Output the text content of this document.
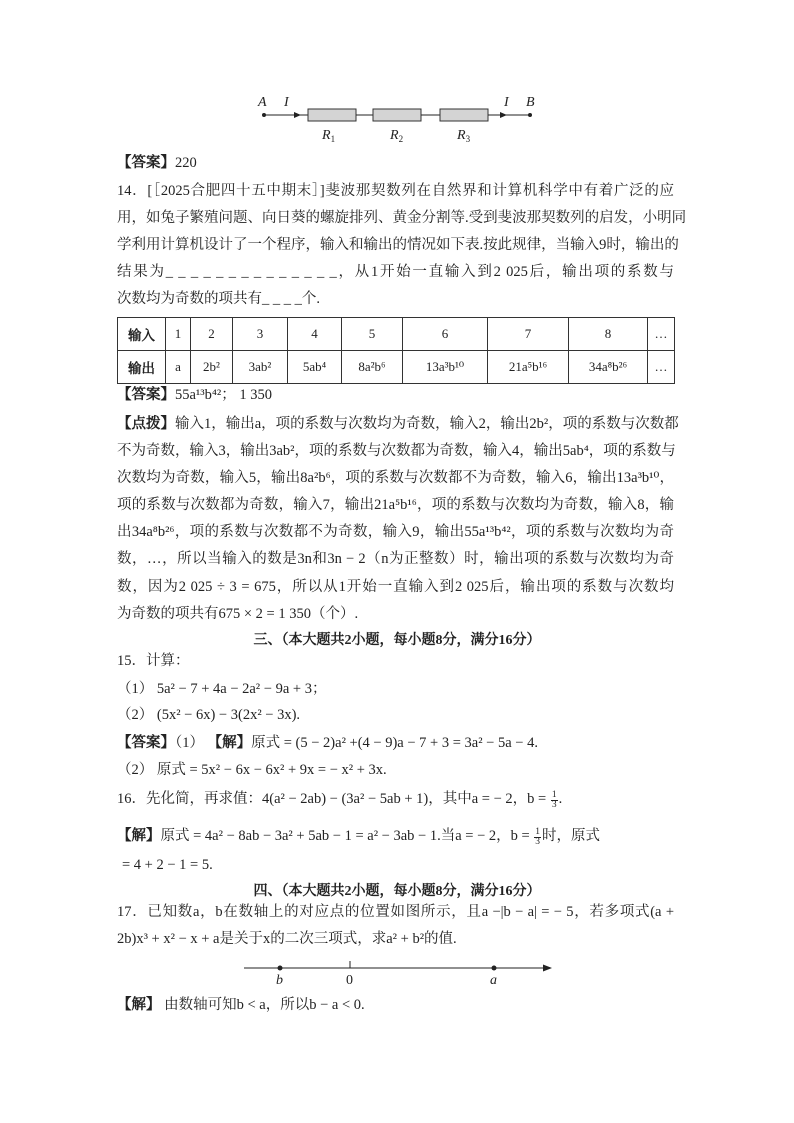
A I	I B
$R_1$	$R_2$	$R_3$
【答案】220
14．[［2025合肥四十五中期末］]斐波那契数列在自然界和计算机科学中有着广泛的应
用，如兔子繁殖问题、向日葵的螺旋排列、黄金分割等.受到斐波那契数列的启发，小明同
学利用计算机设计了一个程序，输入和输出的情况如下表.按此规律，当输入9时，输出的
结果为_ _ _ _ _ _ _ _ _ _ _ _ _ _，从1开始一直输入到2 025后，输出项的系数与
次数均为奇数的项共有_ _ _ _个.
输入	1	2	3	4	5	6	7	8	…
输出	a	2b²	3ab²	5ab⁴	8a²b⁶	13a³b¹⁰	21a⁵b¹⁶	34a⁸b²⁶	…
【答案】55a¹³b⁴²； 1 350
【点拨】输入1，输出a，项的系数与次数均为奇数，输入2，输出2b²，项的系数与次数都
不为奇数，输入3，输出3ab²，项的系数与次数都为奇数，输入4，输出5ab⁴，项的系数与
次数均为奇数，输入5，输出8a²b⁶，项的系数与次数都不为奇数，输入6，输出13a³b¹⁰，
项的系数与次数都为奇数，输入7，输出21a⁵b¹⁶，项的系数与次数均为奇数，输入8，输
出34a⁸b²⁶，项的系数与次数都不为奇数，输入9，输出55a¹³b⁴²，项的系数与次数均为奇
数，…，所以当输入的数是3n和3n − 2（n为正整数）时，输出项的系数与次数均为奇
数，因为2 025 ÷ 3 = 675，所以从1开始一直输入到2 025后，输出项的系数与次数均
为奇数的项共有675 × 2 = 1 350（个）.
三、（本大题共2小题，每小题8分，满分16分）
15．计算：
（1） 5a² − 7 + 4a − 2a² − 9a + 3；
（2） (5x² − 6x) − 3(2x² − 3x).
【答案】（1） 【解】原式 = (5 − 2)a² +(4 − 9)a − 7 + 3 = 3a² − 5a − 4.
（2） 原式 = 5x² − 6x − 6x² + 9x = − x² + 3x.
16．先化简，再求值：4(a² − 2ab) − (3a² − 5ab + 1)，其中a = − 2，$b = \frac{1}{3}$ .
【解】原式 = 4a² − 8ab − 3a² + 5ab − 1 = a² − 3ab − 1.当a = − 2，$b = \frac{1}{3}$ 时，原式
= 4 + 2 − 1 = 5.
四、（本大题共2小题，每小题8分，满分16分）
17．已知数a，b在数轴上的对应点的位置如图所示，且a −|b − a| = − 5，若多项式(a +
2b)x³ + x² − x + a是关于x的二次三项式，求a² + b²的值.
b	0	a
【解】 由数轴可知b < a，所以b − a < 0.
